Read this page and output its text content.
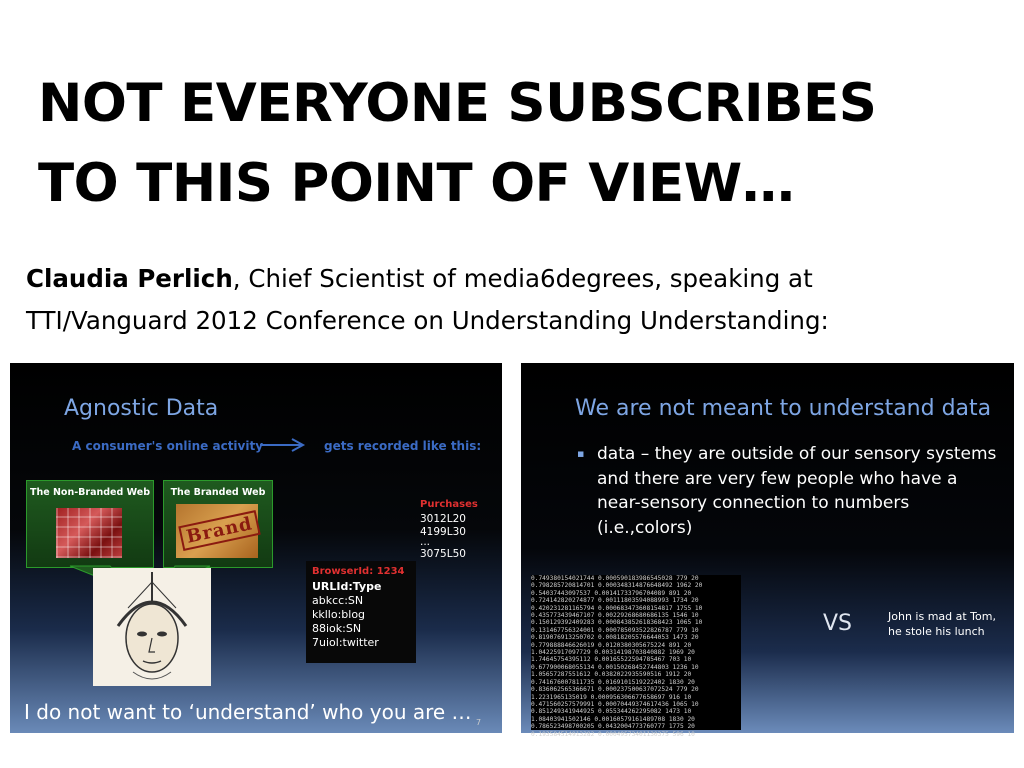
NOT EVERYONE SUBSCRIBES
TO THIS POINT OF VIEW…
Claudia Perlich, Chief Scientist of media6degrees, speaking at
TTI/Vanguard 2012 Conference on Understanding Understanding:
Agnostic Data
A consumer's online activity	gets recorded like this:
The Non-Branded Web	The Branded Web
Brand
Purchases
3012L20
4199L30
...
3075L50
BrowserId: 1234
URLId:Type
abkcc:SN
kkllo:blog
88iok:SN
7uiol:twitter
I do not want to ‘understand’ who you are … 7
We are not meant to understand data
▪ data – they are outside of our sensory systems and there are very few people who have a near-sensory connection to numbers (i.e.,colors)
0.749380154021744 0.000590183986545028 779 20
0.798285720814701 0.000348314876648492 1962 20
0.54037443097537 0.00141733796704089 891 20
0.724142820274877 0.00111803594088993 1734 20
0.420231281165794 0.000683473608154817 1755 10
0.435773439467107 0.00229268680686135 1546 10
0.150129392409283 0.000843852618368423 1065 10
0.131467756324001 0.000785093522826787 779 10
0.819076913250702 0.00818205576644053 1473 20
0.779888846626019 0.0120380305675224 891 20
1.04225917097729 0.00314198703840882 1969 20
1.74645754395112 0.00165522594785467 703 10
0.677900068055134 0.00150268452744803 1236 10
1.05657287551612 0.0382022935590516 1912 20
0.741676007811735 0.0169101519222402 1830 20
0.836062565366671 0.000237500637072524 779 20
1.2231965135019 0.000956306677658697 916 10
0.471560257579991 0.00070449374617436 1065 10
0.851249341944925 0.055344262295082 1473 10
1.08403941502146 0.00160579161489708 1830 20
0.786523498700205 0.0432004773760777 1775 20
0.193584514913282 0.00049573401130375 596 10
VS	John is mad at Tom, he stole his lunch
